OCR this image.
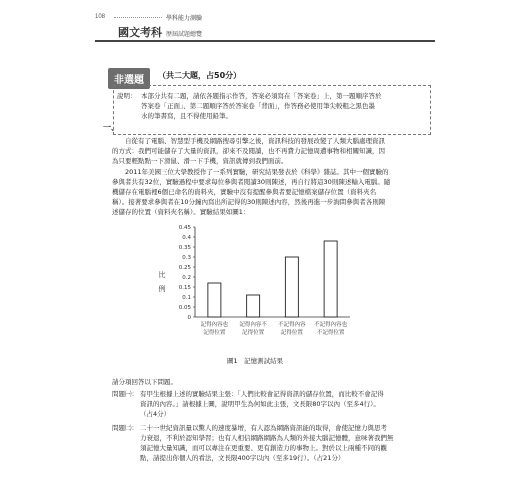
108	學科能力測驗
國文考科 歷屆試題總覽
非選題	（共二大題，占50分）
說明： 本部分共有二題，請依各題指示作答，答案必須寫在「答案卷」上，第一題順序答於
答案卷「正面」、第二題順序答於答案卷「背面」，作答務必使用筆尖較粗之黑色墨
水的筆書寫，且不得使用鉛筆。
一、
　　自從有了電腦、智慧型手機及網路搜尋引擎之後，資訊科技的發展改變了人類大腦處理資訊
的方式：我們可能儲存了大量的資訊，卻來不及閱讀，也不再費力記憶周遭事物和相關知識，因
為只要輕點點一下滑鼠、滑一下手機，資訊就傳到我們面前。
　　2011年美國三位大學教授作了一系列實驗，研究結果發表於《科學》雜誌。其中一個實驗的
參與者共有32位，實驗過程中要求每位參與者閱讀30則陳述，再自行將這30則陳述輸入電腦。隨
機儲存在電腦裡6個已命名的資料夾，實驗中沒有提醒參與者要記憶檔案儲存位置（資料夾名
稱）。接著要求參與者在10分鐘內寫出所記得的30則陳述內容，然後再進一步詢問參與者各則陳
述儲存的位置（資料夾名稱）。實驗結果如圖1：
0
0.05
0.1
0.15
0.2
0.25
0.3
0.35
0.4
0.45
記得內容也
記得位置
記得內容不
記得位置
不記得內容
記得位置
不記得內容也
不記得位置
比例
圖1　記憶測試結果
請分項回答以下問題。
問題㈠： 有甲生根據上述的實驗結果主張：「人們比較會記得資訊的儲存位置，而比較不會記得
資訊的內容。」請根據上圖，說明甲生為何如此主張，文長限80字以內（至多4行）。
（占4分）
問題㈡： 二十一世紀資訊量以驚人的速度暴增，有人認為網路資訊能的取得，會使記憶力與思考
力衰退，不利於認知學習；也有人相信網路網路為人類的外接大腦記憶體，意味著我們無
須記憶大量知識，而可以專注在更重要、更有創造力的事物上。對於以上兩種不同的觀
點，請提出你個人的看法，文長限400字以內（至多19行）。（占21分）
